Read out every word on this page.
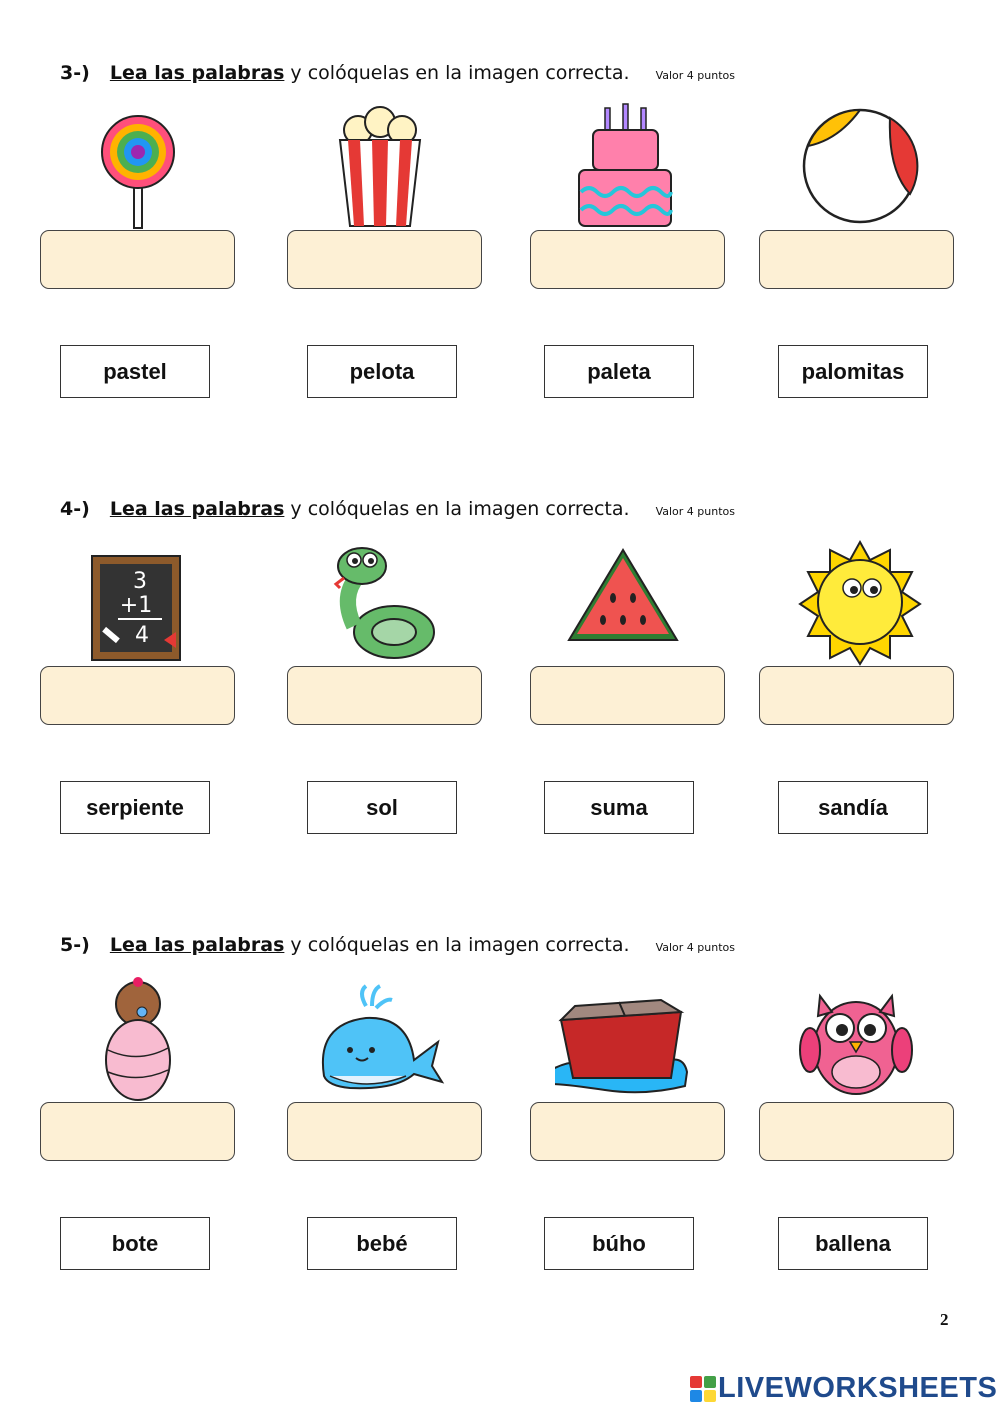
3-) Lea las palabras y colóquelas en la imagen correcta. Valor 4 puntos
pastel	pelota	paleta	palomitas
4-) Lea las palabras y colóquelas en la imagen correcta. Valor 4 puntos
3
+1
4
serpiente	sol	suma	sandía
5-) Lea las palabras y colóquelas en la imagen correcta. Valor 4 puntos
bote	bebé	búho	ballena
2
LIVEWORKSHEETS
